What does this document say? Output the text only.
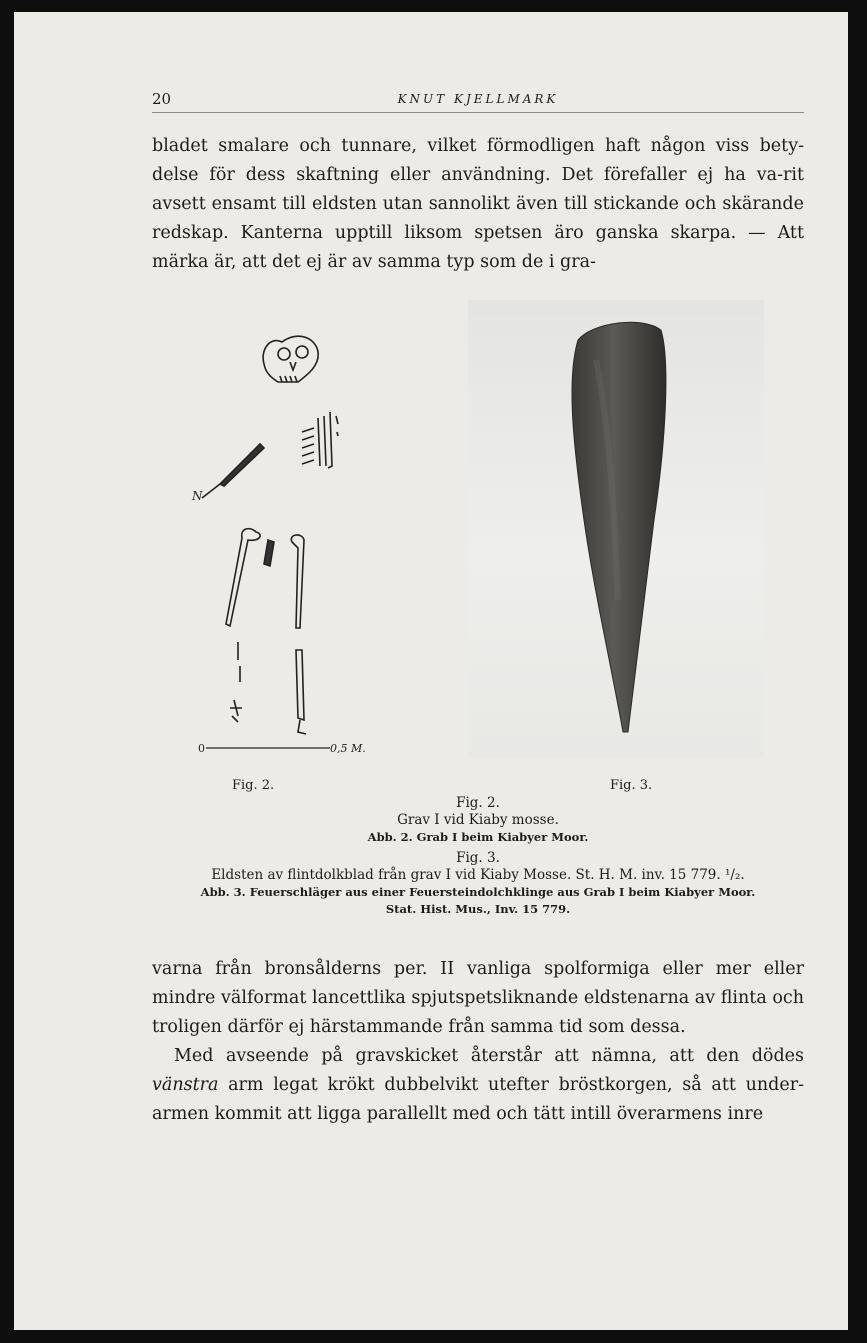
20	KNUT KJELLMARK

bladet smalare och tunnare, vilket förmodligen haft någon viss bety-delse för dess skaftning eller användning. Det förefaller ej ha va-rit avsett ensamt till eldsten utan sannolikt även till stickande och skärande redskap. Kanterna upptill liksom spetsen äro ganska skarpa. — Att märka är, att det ej är av samma typ som de i gra-

N
0	0,5 M.
Fig. 2.	Fig. 3.
Fig. 2.
Grav I vid Kiaby mosse.
Abb. 2. Grab I beim Kiabyer Moor.
Fig. 3.
Eldsten av flintdolkblad från grav I vid Kiaby Mosse. St. H. M. inv. 15 779. ¹/₂.
Abb. 3. Feuerschläger aus einer Feuersteindolchklinge aus Grab I beim Kiabyer Moor.
Stat. Hist. Mus., Inv. 15 779.

varna från bronsålderns per. II vanliga spolformiga eller mer eller mindre välformat lancettlika spjutspetsliknande eldstenarna av flinta och troligen därför ej härstammande från samma tid som dessa.

Med avseende på gravskicket återstår att nämna, att den dödes vänstra arm legat krökt dubbelvikt utefter bröstkorgen, så att under-armen kommit att ligga parallellt med och tätt intill överarmens inre
